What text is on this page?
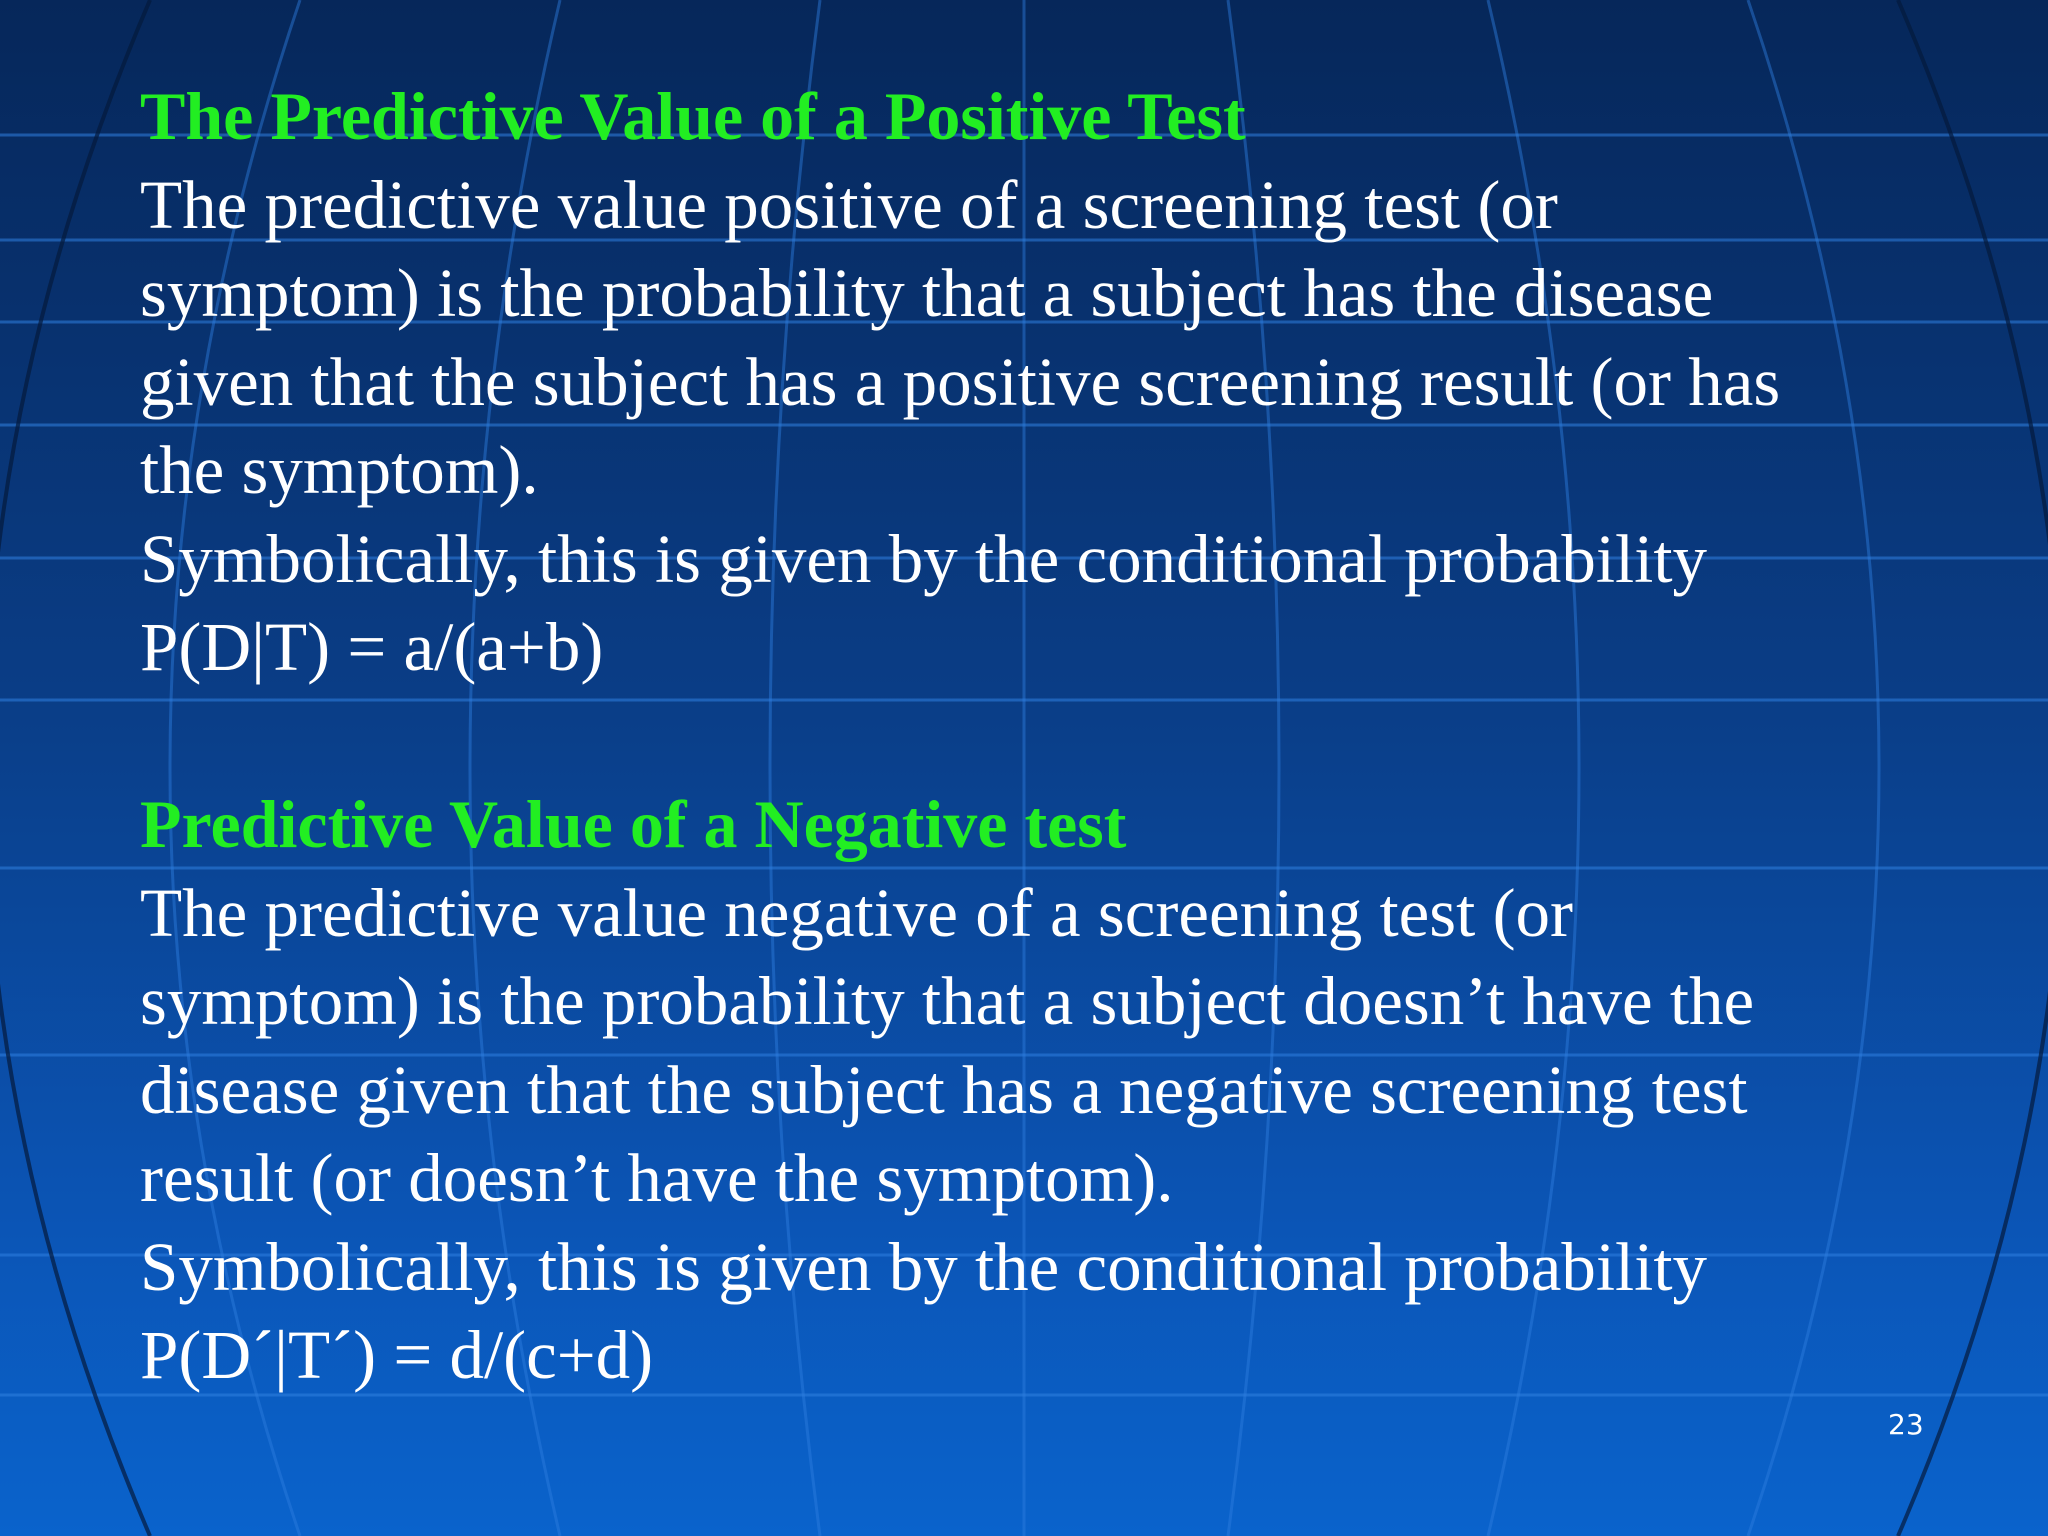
The Predictive Value of a Positive Test

The predictive value positive of a screening test (or
symptom) is the probability that a subject has the disease
given that the subject has a positive screening result (or has
the symptom).

Symbolically, this is given by the conditional probability

P(D|T) = a/(a+b)

Predictive Value of a Negative test

The predictive value negative of a screening test (or
symptom) is the probability that a subject doesn’t have the
disease given that the subject has a negative screening test
result (or doesn’t have the symptom).

Symbolically, this is given by the conditional probability

P(D´|T´) = d/(c+d)

23
